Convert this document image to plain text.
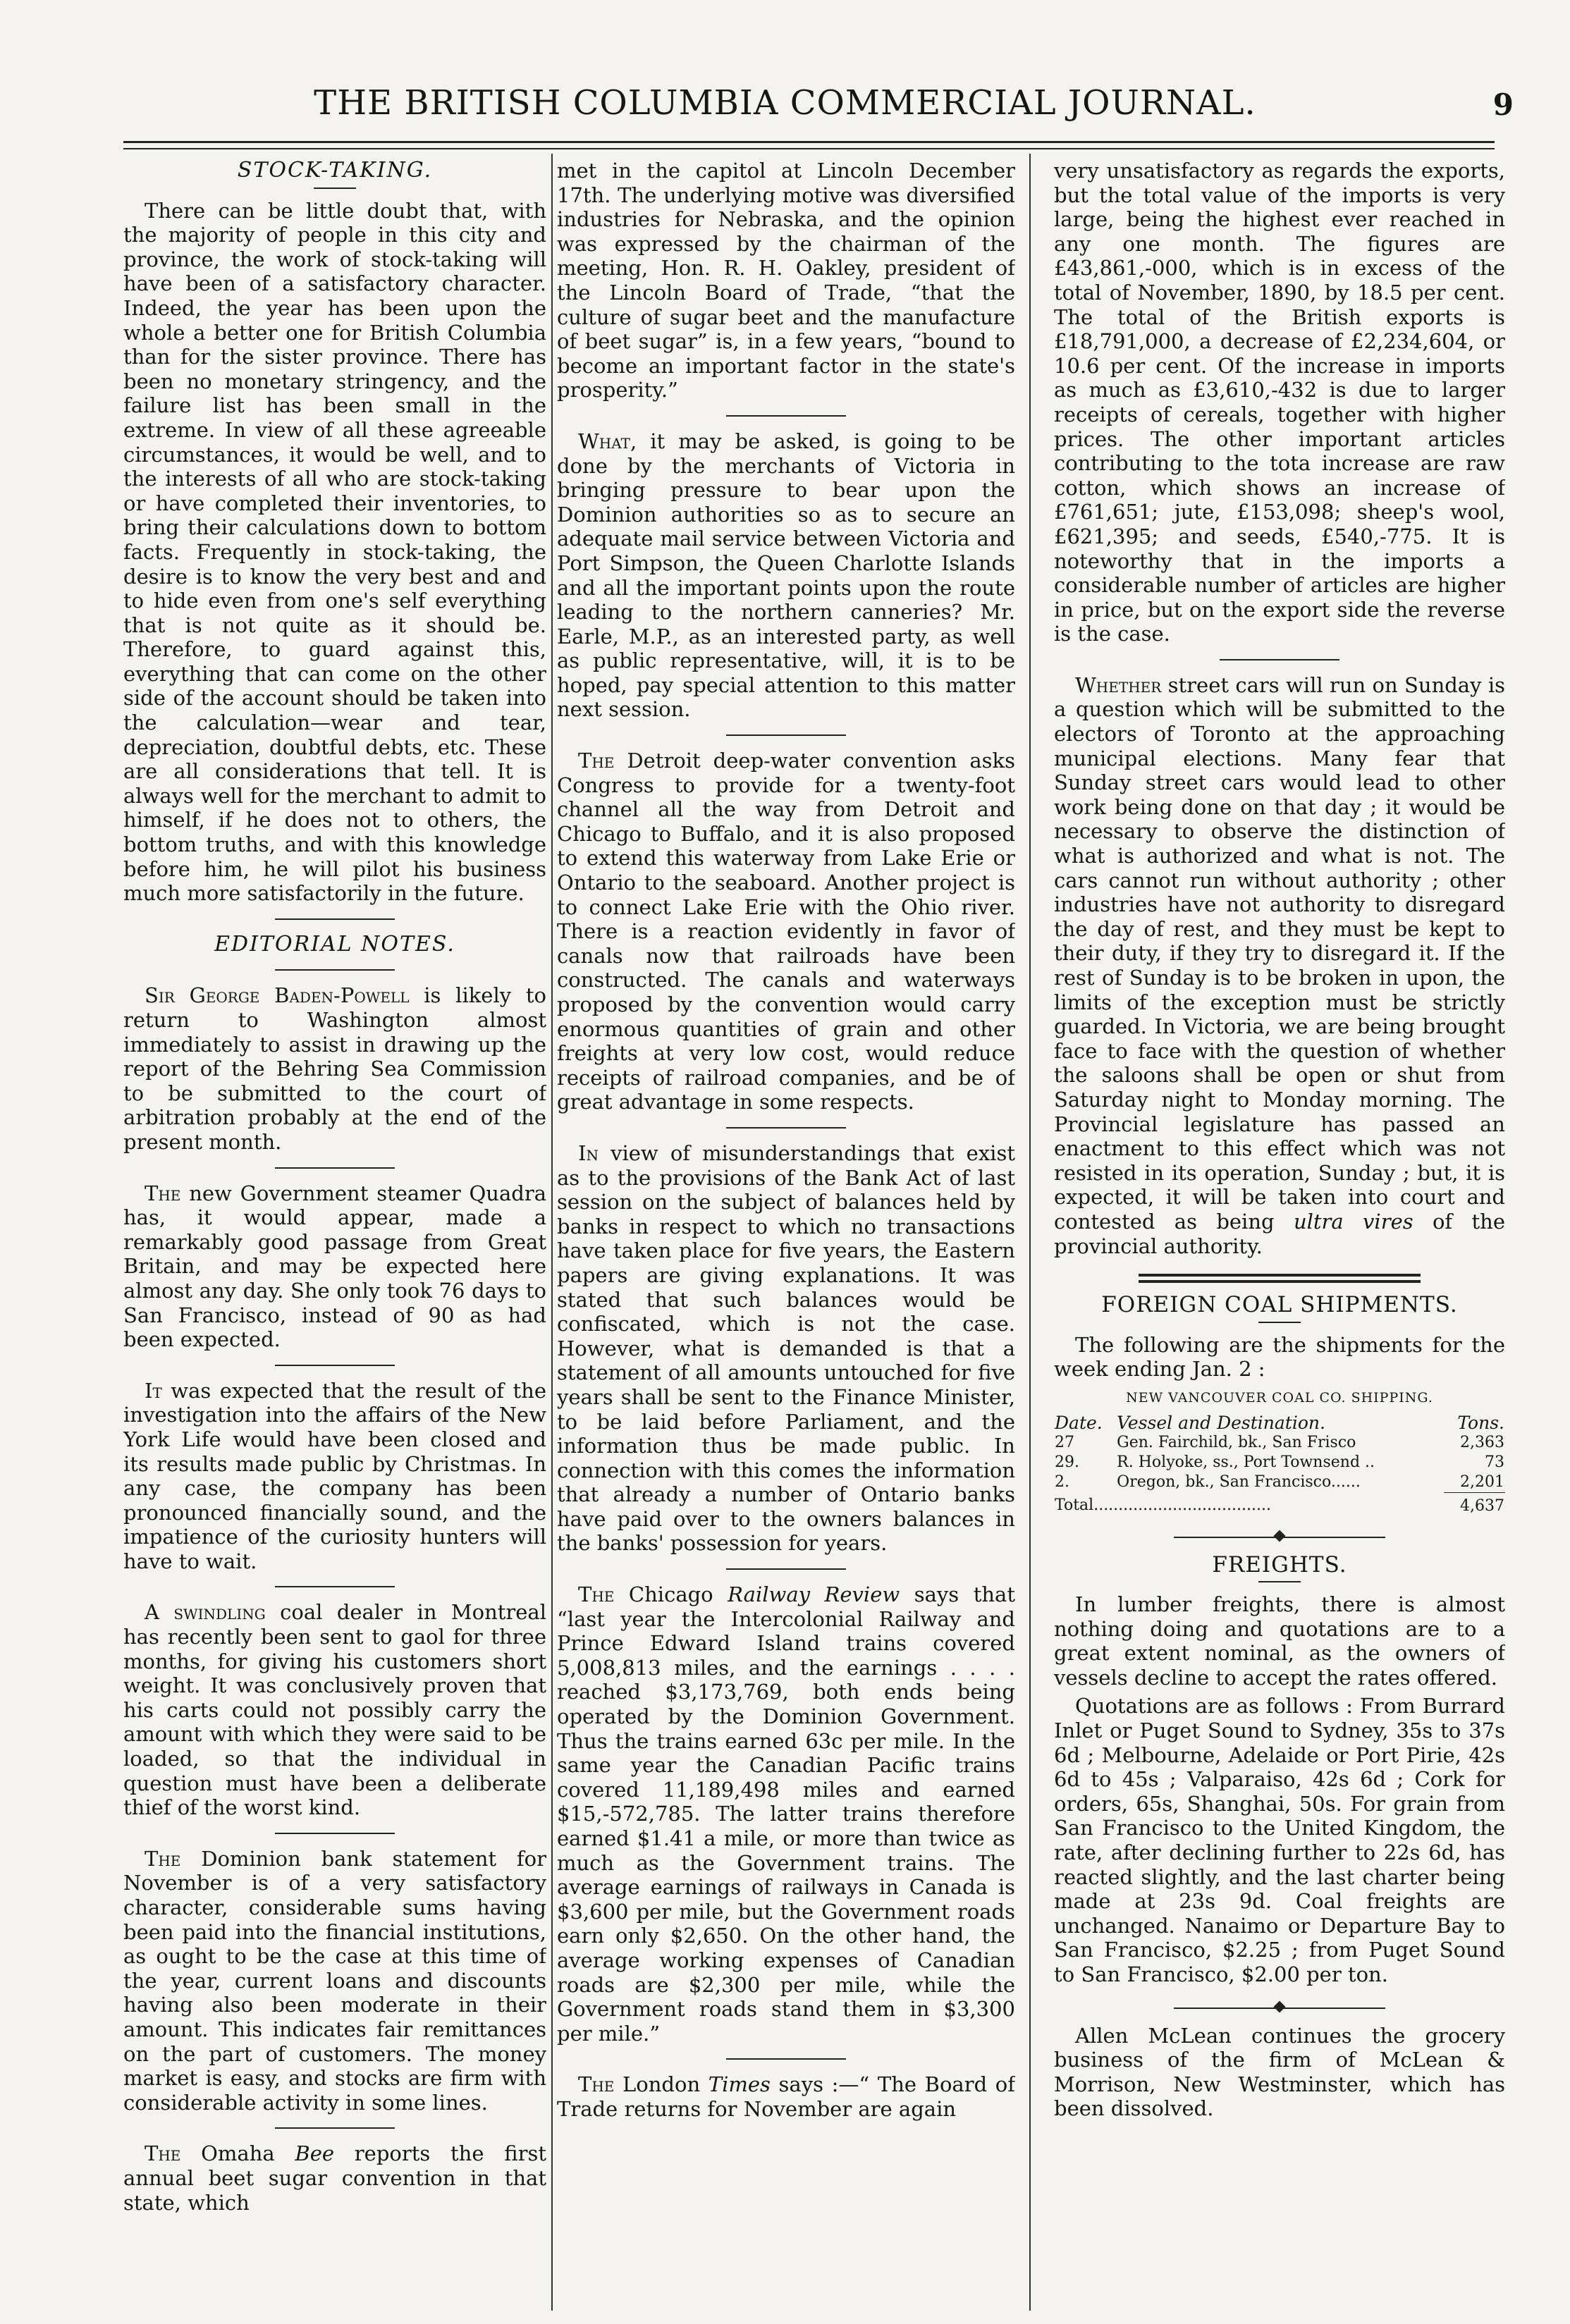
THE BRITISH COLUMBIA COMMERCIAL JOURNAL.	9
STOCK-TAKING.

There can be little doubt that, with the majority of people in this city and province, the work of stock-taking will have been of a satisfactory character. Indeed, the year has been upon the whole a better one for British Columbia than for the sister province. There has been no monetary stringency, and the failure list has been small in the extreme. In view of all these agreeable circumstances, it would be well, and to the interests of all who are stock-taking or have completed their inventories, to bring their calculations down to bottom facts. Frequently in stock-taking, the desire is to know the very best and and to hide even from one's self everything that is not quite as it should be. Therefore, to guard against this, everything that can come on the other side of the account should be taken into the calculation—wear and tear, depreciation, doubtful debts, etc. These are all considerations that tell. It is always well for the merchant to admit to himself, if he does not to others, the bottom truths, and with this knowledge before him, he will pilot his business much more satisfactorily in the future.

EDITORIAL NOTES.

Sir George Baden-Powell is likely to return to Washington almost immediately to assist in drawing up the report of the Behring Sea Commission to be submitted to the court of arbitration probably at the end of the present month.

The new Government steamer Quadra has, it would appear, made a remarkably good passage from Great Britain, and may be expected here almost any day. She only took 76 days to San Francisco, instead of 90 as had been expected.

It was expected that the result of the investigation into the affairs of the New York Life would have been closed and its results made public by Christmas. In any case, the company has been pronounced financially sound, and the impatience of the curiosity hunters will have to wait.

A swindling coal dealer in Montreal has recently been sent to gaol for three months, for giving his customers short weight. It was conclusively proven that his carts could not possibly carry the amount with which they were said to be loaded, so that the individual in question must have been a deliberate thief of the worst kind.

The Dominion bank statement for November is of a very satisfactory character, considerable sums having been paid into the financial institutions, as ought to be the case at this time of the year, current loans and discounts having also been moderate in their amount. This indicates fair remittances on the part of customers. The money market is easy, and stocks are firm with considerable activity in some lines.

The Omaha Bee reports the first annual beet sugar convention in that state, which

met in the capitol at Lincoln December 17th. The underlying motive was diversified industries for Nebraska, and the opinion was expressed by the chairman of the meeting, Hon. R. H. Oakley, president of the Lincoln Board of Trade, “that the culture of sugar beet and the manufacture of beet sugar” is, in a few years, “bound to become an important factor in the state's prosperity.”

What, it may be asked, is going to be done by the merchants of Victoria in bringing pressure to bear upon the Dominion authorities so as to secure an adequate mail service between Victoria and Port Simpson, the Queen Charlotte Islands and all the important points upon the route leading to the northern canneries? Mr. Earle, M.P., as an interested party, as well as public representative, will, it is to be hoped, pay special attention to this matter next session.

The Detroit deep-water convention asks Congress to provide for a twenty-foot channel all the way from Detroit and Chicago to Buffalo, and it is also proposed to extend this waterway from Lake Erie or Ontario to the seaboard. Another project is to connect Lake Erie with the Ohio river. There is a reaction evidently in favor of canals now that railroads have been constructed. The canals and waterways proposed by the convention would carry enormous quantities of grain and other freights at very low cost, would reduce receipts of railroad companies, and be of great advantage in some respects.

In view of misunderstandings that exist as to the provisions of the Bank Act of last session on the subject of balances held by banks in respect to which no transactions have taken place for five years, the Eastern papers are giving explanations. It was stated that such balances would be confiscated, which is not the case. However, what is demanded is that a statement of all amounts untouched for five years shall be sent to the Finance Minister, to be laid before Parliament, and the information thus be made public. In connection with this comes the information that already a number of Ontario banks have paid over to the owners balances in the banks' possession for years.

The Chicago Railway Review says that “last year the Intercolonial Railway and Prince Edward Island trains covered 5,008,813 miles, and the earnings . . . . reached $3,173,769, both ends being operated by the Dominion Government. Thus the trains earned 63c per mile. In the same year the Canadian Pacific trains covered 11,189,498 miles and earned $15,-572,785. The latter trains therefore earned $1.41 a mile, or more than twice as much as the Government trains. The average earnings of railways in Canada is $3,600 per mile, but the Government roads earn only $2,650. On the other hand, the average working expenses of Canadian roads are $2,300 per mile, while the Government roads stand them in $3,300 per mile.”

The London Times says :—“ The Board of Trade returns for November are again

very unsatisfactory as regards the exports, but the total value of the imports is very large, being the highest ever reached in any one month. The figures are £43,861,-000, which is in excess of the total of November, 1890, by 18.5 per cent. The total of the British exports is £18,791,000, a decrease of £2,234,604, or 10.6 per cent. Of the increase in imports as much as £3,610,-432 is due to larger receipts of cereals, together with higher prices. The other important articles contributing to the tota increase are raw cotton, which shows an increase of £761,651; jute, £153,098; sheep's wool, £621,395; and seeds, £540,-775. It is noteworthy that in the imports a considerable number of articles are higher in price, but on the export side the reverse is the case.

Whether street cars will run on Sunday is a question which will be submitted to the electors of Toronto at the approaching municipal elections. Many fear that Sunday street cars would lead to other work being done on that day ; it would be necessary to observe the distinction of what is authorized and what is not. The cars cannot run without authority ; other industries have not authority to disregard the day of rest, and they must be kept to their duty, if they try to disregard it. If the rest of Sunday is to be broken in upon, the limits of the exception must be strictly guarded. In Victoria, we are being brought face to face with the question of whether the saloons shall be open or shut from Saturday night to Monday morning. The Provincial legislature has passed an enactment to this effect which was not resisted in its operation, Sunday ; but, it is expected, it will be taken into court and contested as being ultra vires of the provincial authority.

FOREIGN COAL SHIPMENTS.

The following are the shipments for the week ending Jan. 2 :

NEW VANCOUVER COAL CO. SHIPPING.
Date.	Vessel and Destination.	Tons.
27	Gen. Fairchild, bk., San Frisco	2,363
29.	R. Holyoke, ss., Port Townsend ..	73
2.	Oregon, bk., San Francisco......	2,201
Total....................................		4,637
FREIGHTS.

In lumber freights, there is almost nothing doing and quotations are to a great extent nominal, as the owners of vessels decline to accept the rates offered.

Quotations are as follows : From Burrard Inlet or Puget Sound to Sydney, 35s to 37s 6d ; Melbourne, Adelaide or Port Pirie, 42s 6d to 45s ; Valparaiso, 42s 6d ; Cork for orders, 65s, Shanghai, 50s. For grain from San Francisco to the United Kingdom, the rate, after declining further to 22s 6d, has reacted slightly, and the last charter being made at 23s 9d. Coal freights are unchanged. Nanaimo or Departure Bay to San Francisco, $2.25 ; from Puget Sound to San Francisco, $2.00 per ton.

Allen McLean continues the grocery business of the firm of McLean & Morrison, New Westminster, which has been dissolved.
